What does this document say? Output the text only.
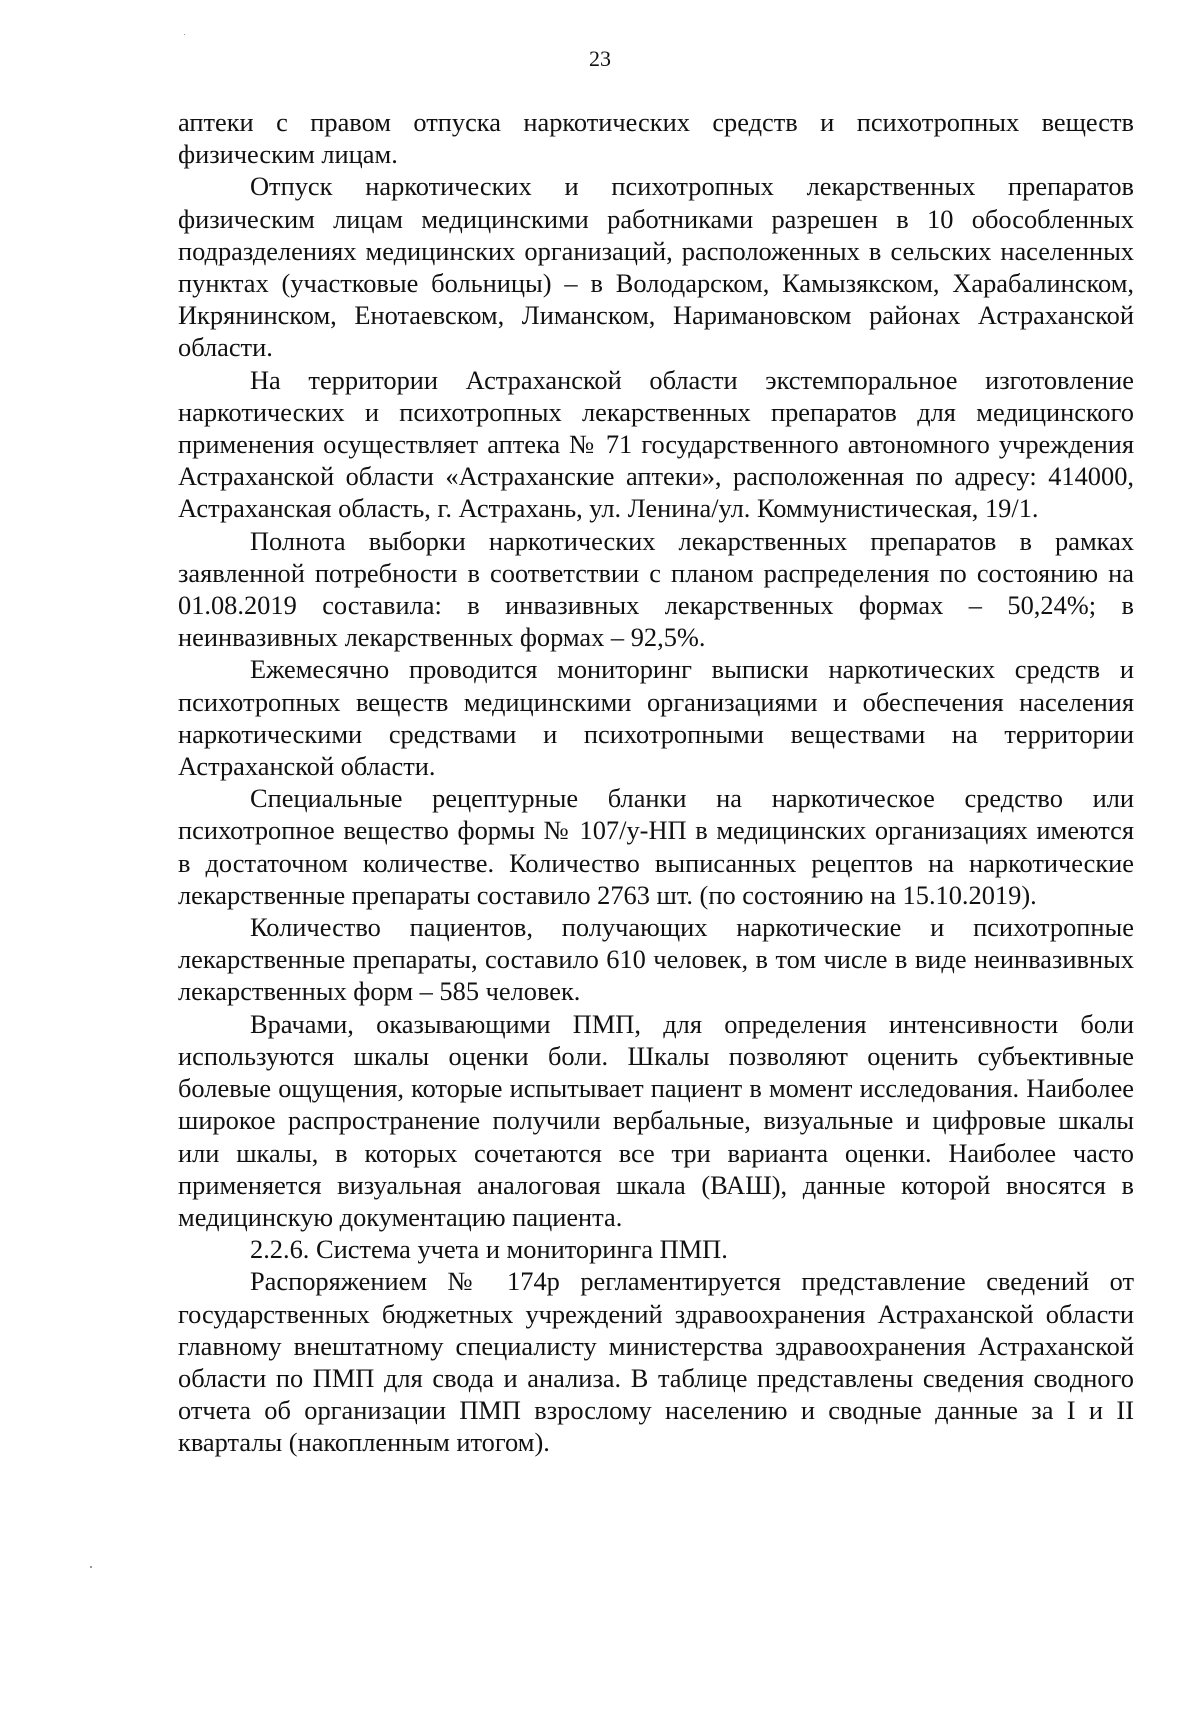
23

аптеки с правом отпуска наркотических средств и психотропных веществ физическим лицам.

Отпуск наркотических и психотропных лекарственных препаратов физическим лицам медицинскими работниками разрешен в 10 обособленных подразделениях медицинских организаций, расположенных в сельских населенных пунктах (участковые больницы) – в Володарском, Камызякском, Харабалинском, Икрянинском, Енотаевском, Лиманском, Наримановском районах Астраханской области.

На территории Астраханской области экстемпоральное изготовление наркотических и психотропных лекарственных препаратов для медицинского применения осуществляет аптека № 71 государственного автономного учреждения Астраханской области «Астраханские аптеки», расположенная по адресу: 414000, Астраханская область, г. Астрахань, ул. Ленина/ул. Коммунистическая, 19/1.

Полнота выборки наркотических лекарственных препаратов в рамках заявленной потребности в соответствии с планом распределения по состоянию на 01.08.2019 составила: в инвазивных лекарственных формах – 50,24%; в неинвазивных лекарственных формах – 92,5%.

Ежемесячно проводится мониторинг выписки наркотических средств и психотропных веществ медицинскими организациями и обеспечения населения наркотическими средствами и психотропными веществами на территории Астраханской области.

Специальные рецептурные бланки на наркотическое средство или психотропное вещество формы № 107/у-НП в медицинских организациях имеются в достаточном количестве. Количество выписанных рецептов на наркотические лекарственные препараты составило 2763 шт. (по состоянию на 15.10.2019).

Количество пациентов, получающих наркотические и психотропные лекарственные препараты, составило 610 человек, в том числе в виде неинвазивных лекарственных форм – 585 человек.

Врачами, оказывающими ПМП, для определения интенсивности боли используются шкалы оценки боли. Шкалы позволяют оценить субъективные болевые ощущения, которые испытывает пациент в момент исследования. Наиболее широкое распространение получили вербальные, визуальные и цифровые шкалы или шкалы, в которых сочетаются все три варианта оценки. Наиболее часто применяется визуальная аналоговая шкала (ВАШ), данные которой вносятся в медицинскую документацию пациента.

2.2.6. Система учета и мониторинга ПМП.

Распоряжением № 174р регламентируется представление сведений от государственных бюджетных учреждений здравоохранения Астраханской области главному внештатному специалисту министерства здравоохранения Астраханской области по ПМП для свода и анализа. В таблице представлены сведения сводного отчета об организации ПМП взрослому населению и сводные данные за I и II кварталы (накопленным итогом).
